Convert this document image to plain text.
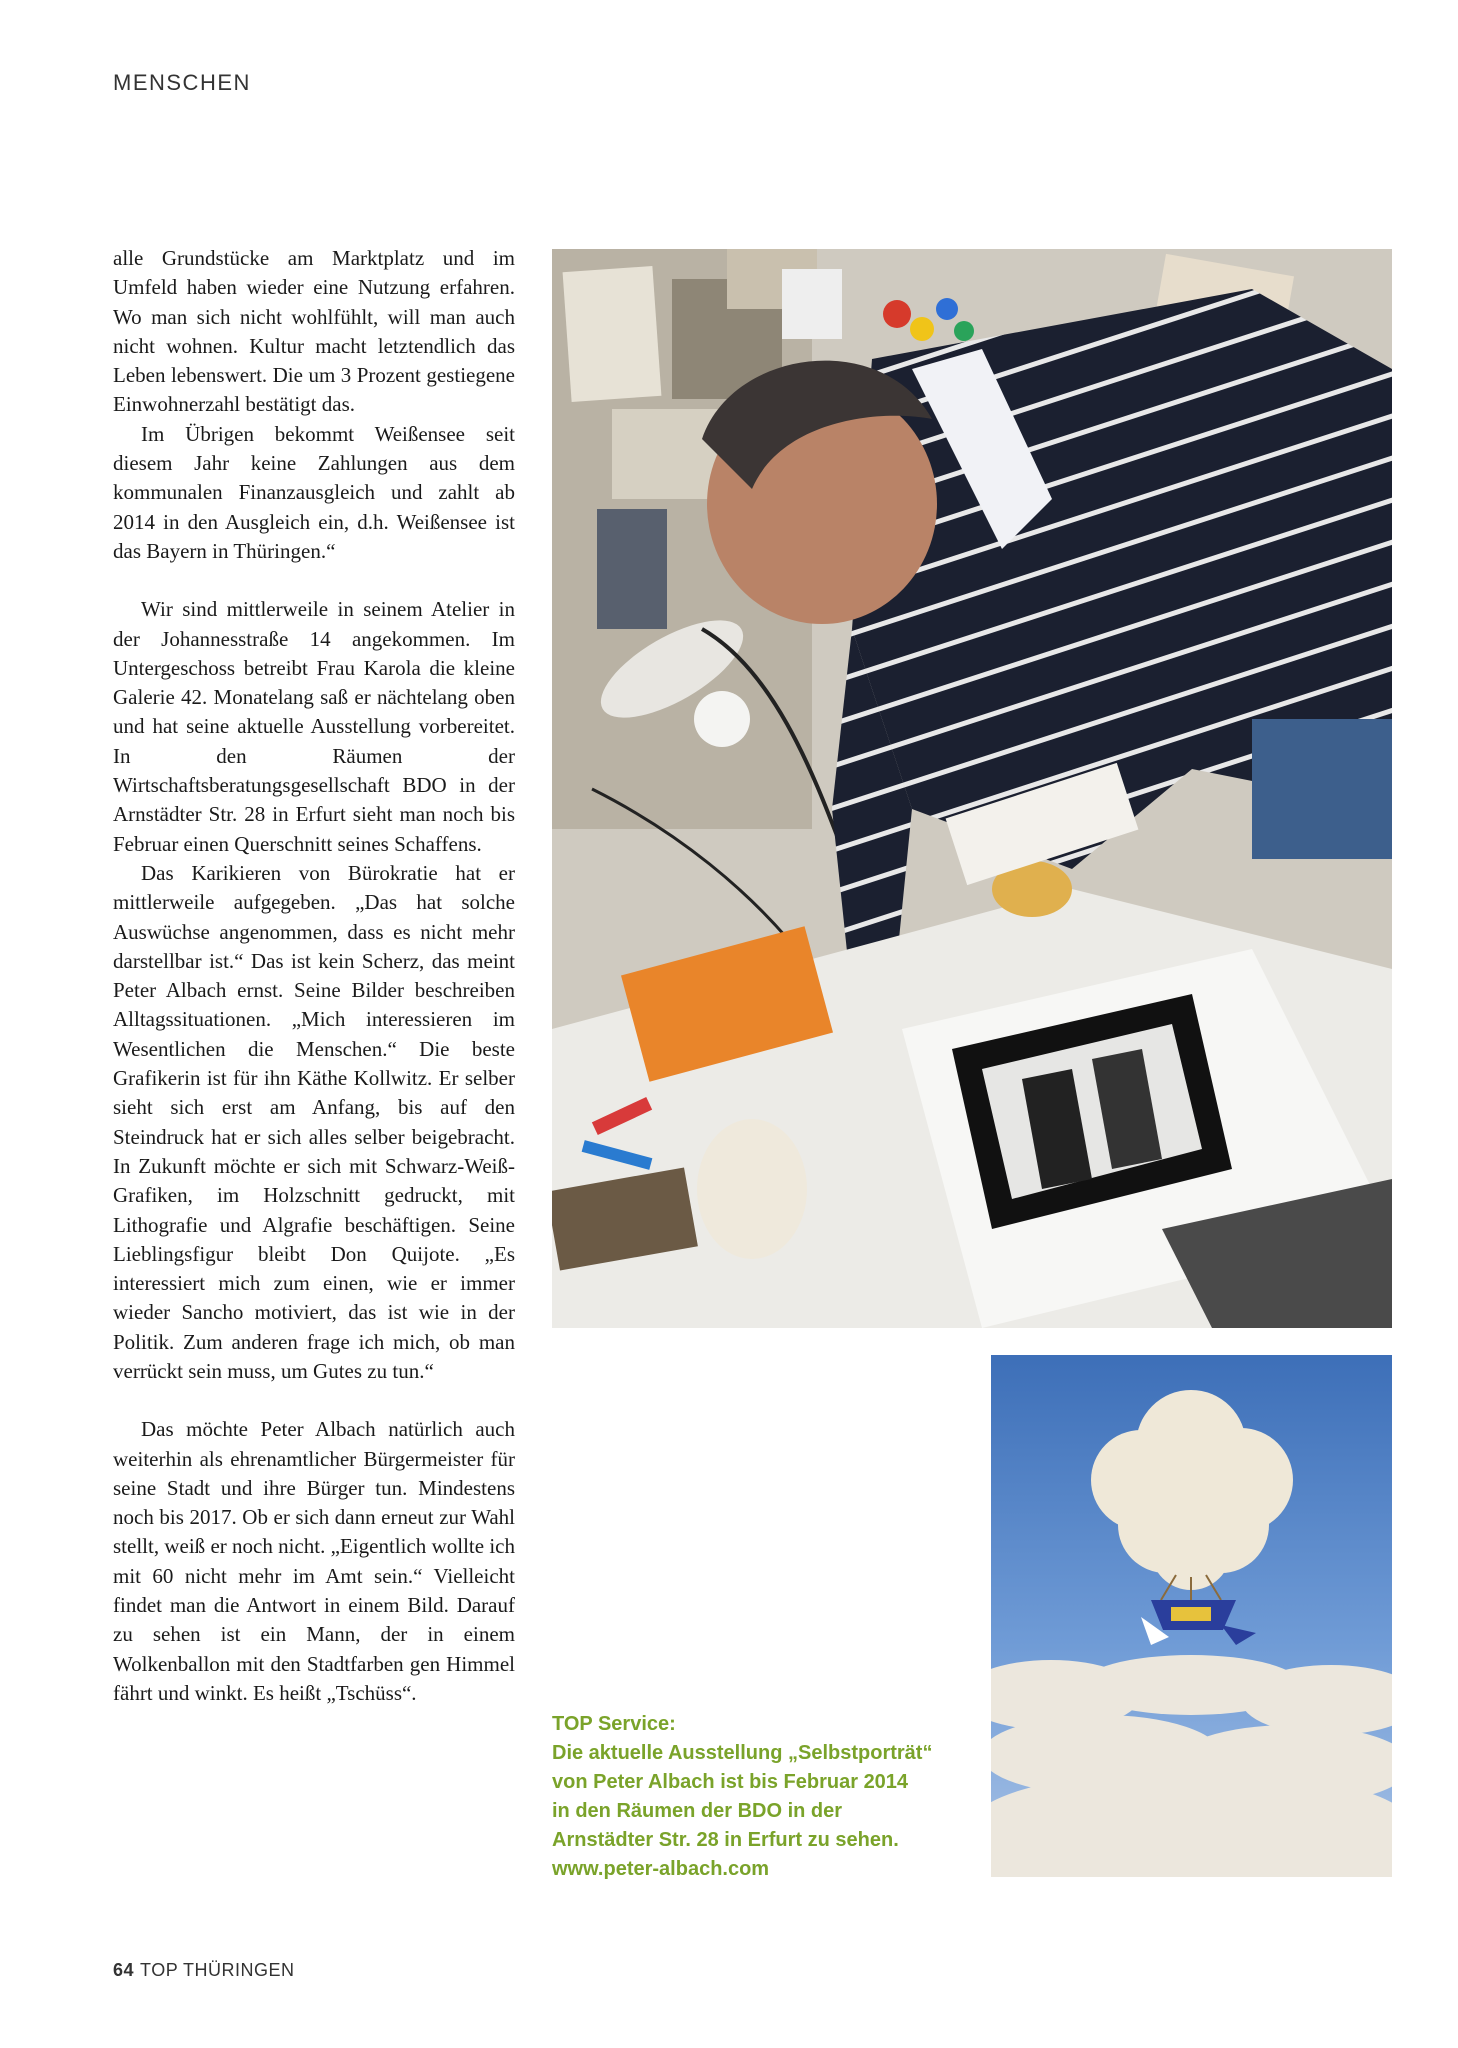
MENSCHEN

alle Grundstücke am Marktplatz und im Umfeld haben wieder eine Nutzung erfahren. Wo man sich nicht wohlfühlt, will man auch nicht wohnen. Kultur macht letztendlich das Leben lebenswert. Die um 3 Prozent gestiegene Einwohnerzahl bestätigt das.

Im Übrigen bekommt Weißensee seit diesem Jahr keine Zahlungen aus dem kommunalen Finanzausgleich und zahlt ab 2014 in den Ausgleich ein, d.h. Weißensee ist das Bayern in Thüringen.“

Wir sind mittlerweile in seinem Atelier in der Johannesstraße 14 angekommen. Im Untergeschoss betreibt Frau Karola die kleine Galerie 42. Monatelang saß er nächtelang oben und hat seine aktuelle Ausstellung vorbereitet. In den Räumen der Wirtschaftsberatungsgesellschaft BDO in der Arnstädter Str. 28 in Erfurt sieht man noch bis Februar einen Querschnitt seines Schaffens.

Das Karikieren von Bürokratie hat er mittlerweile aufgegeben. „Das hat solche Auswüchse angenommen, dass es nicht mehr darstellbar ist.“ Das ist kein Scherz, das meint Peter Albach ernst. Seine Bilder beschreiben Alltagssituationen. „Mich interessieren im Wesentlichen die Menschen.“ Die beste Grafikerin ist für ihn Käthe Kollwitz. Er selber sieht sich erst am Anfang, bis auf den Steindruck hat er sich alles selber beigebracht. In Zukunft möchte er sich mit Schwarz-Weiß-Grafiken, im Holzschnitt gedruckt, mit Lithografie und Algrafie beschäftigen. Seine Lieblingsfigur bleibt Don Quijote. „Es interessiert mich zum einen, wie er immer wieder Sancho motiviert, das ist wie in der Politik. Zum anderen frage ich mich, ob man verrückt sein muss, um Gutes zu tun.“

Das möchte Peter Albach natürlich auch weiterhin als ehrenamtlicher Bürgermeister für seine Stadt und ihre Bürger tun. Mindestens noch bis 2017. Ob er sich dann erneut zur Wahl stellt, weiß er noch nicht. „Eigentlich wollte ich mit 60 nicht mehr im Amt sein.“ Vielleicht findet man die Antwort in einem Bild. Darauf zu sehen ist ein Mann, der in einem Wolkenballon mit den Stadtfarben gen Himmel fährt und winkt. Es heißt „Tschüss“.

TOP Service:
Die aktuelle Ausstellung „Selbstporträt“
von Peter Albach ist bis Februar 2014
in den Räumen der BDO in der
Arnstädter Str. 28 in Erfurt zu sehen.
www.peter-albach.com
64 TOP THÜRINGEN
